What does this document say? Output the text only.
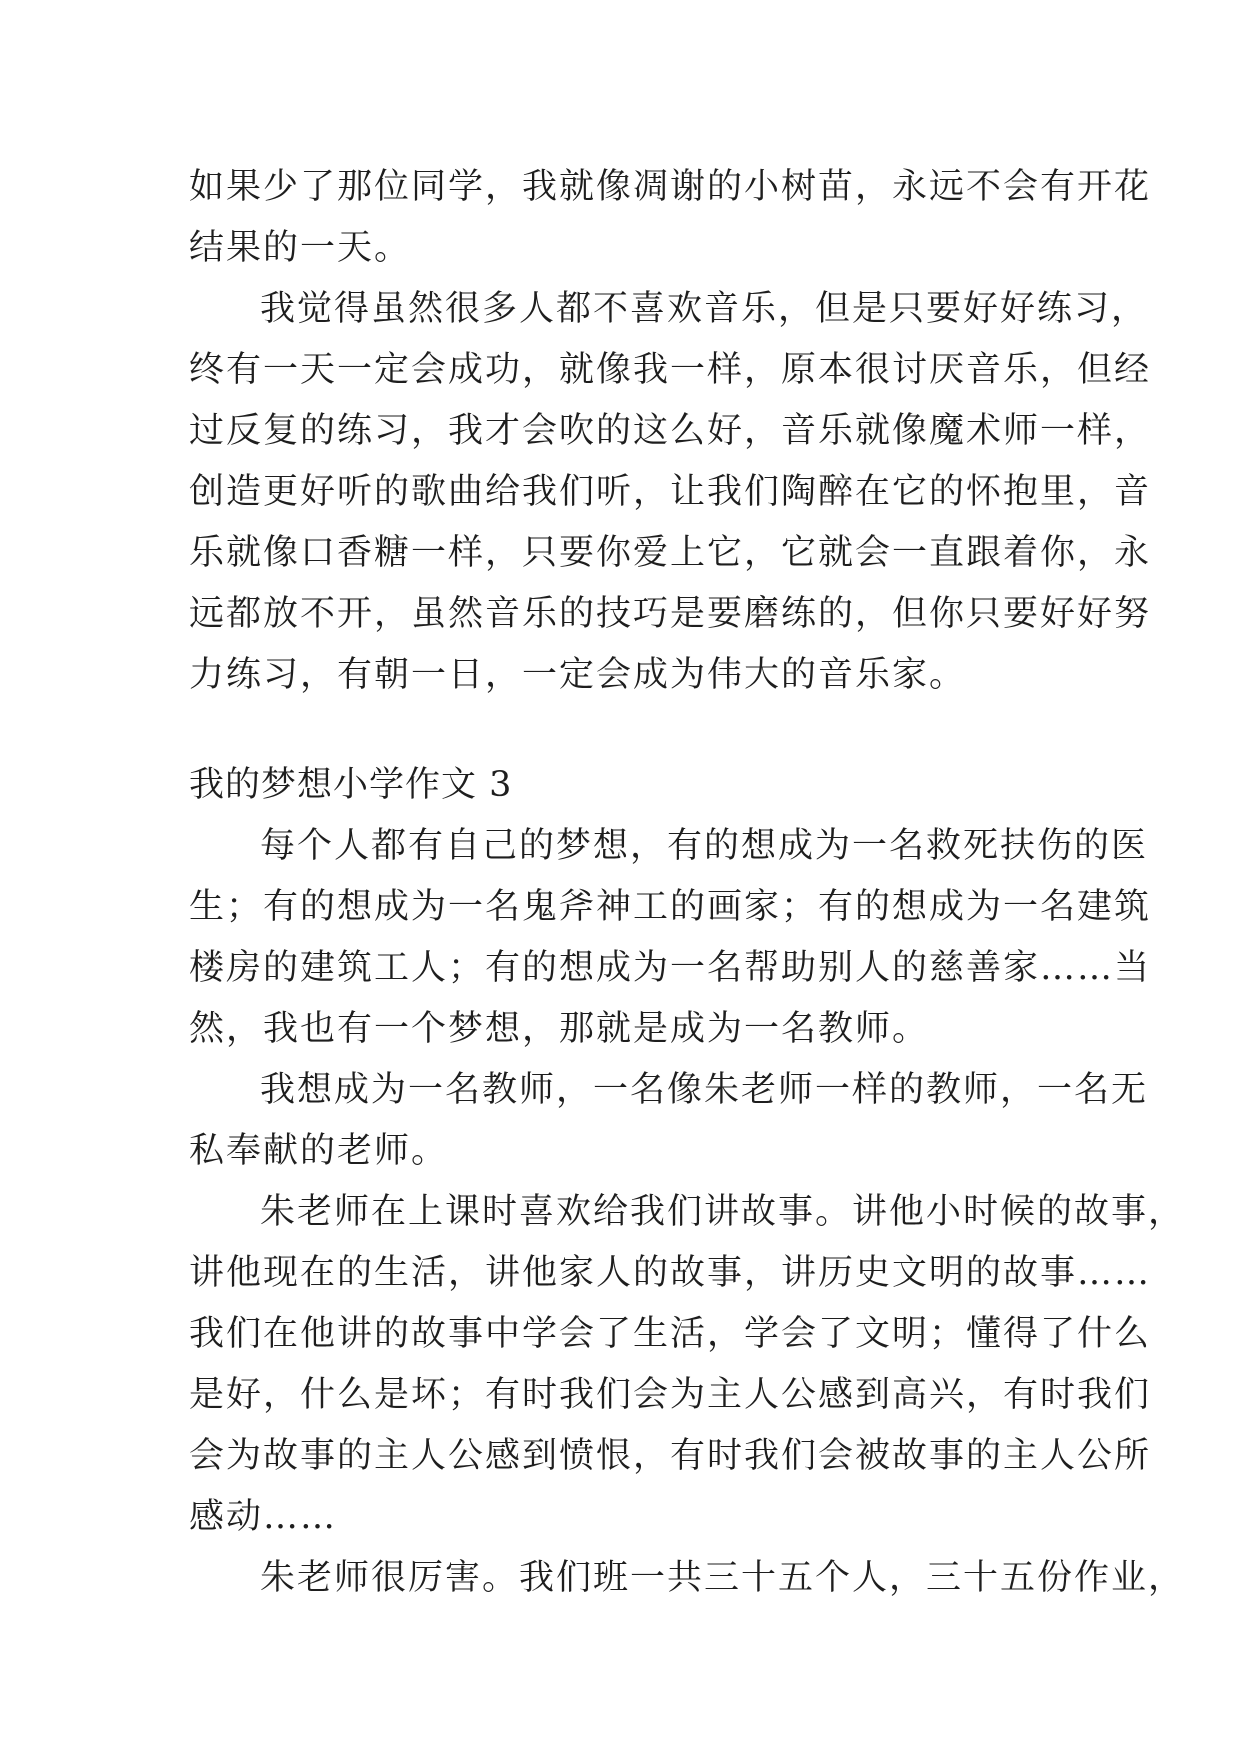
如果少了那位同学，我就像凋谢的小树苗，永远不会有开花
结果的一天。
我觉得虽然很多人都不喜欢音乐，但是只要好好练习，
终有一天一定会成功，就像我一样，原本很讨厌音乐，但经
过反复的练习，我才会吹的这么好，音乐就像魔术师一样，
创造更好听的歌曲给我们听，让我们陶醉在它的怀抱里，音
乐就像口香糖一样，只要你爱上它，它就会一直跟着你，永
远都放不开，虽然音乐的技巧是要磨练的，但你只要好好努
力练习，有朝一日，一定会成为伟大的音乐家。
我的梦想小学作文 3
每个人都有自己的梦想，有的想成为一名救死扶伤的医
生；有的想成为一名鬼斧神工的画家；有的想成为一名建筑
楼房的建筑工人；有的想成为一名帮助别人的慈善家……当
然，我也有一个梦想，那就是成为一名教师。
我想成为一名教师，一名像朱老师一样的教师，一名无
私奉献的老师。
朱老师在上课时喜欢给我们讲故事。讲他小时候的故事，
讲他现在的生活，讲他家人的故事，讲历史文明的故事……
我们在他讲的故事中学会了生活，学会了文明；懂得了什么
是好，什么是坏；有时我们会为主人公感到高兴，有时我们
会为故事的主人公感到愤恨，有时我们会被故事的主人公所
感动……
朱老师很厉害。我们班一共三十五个人，三十五份作业，
